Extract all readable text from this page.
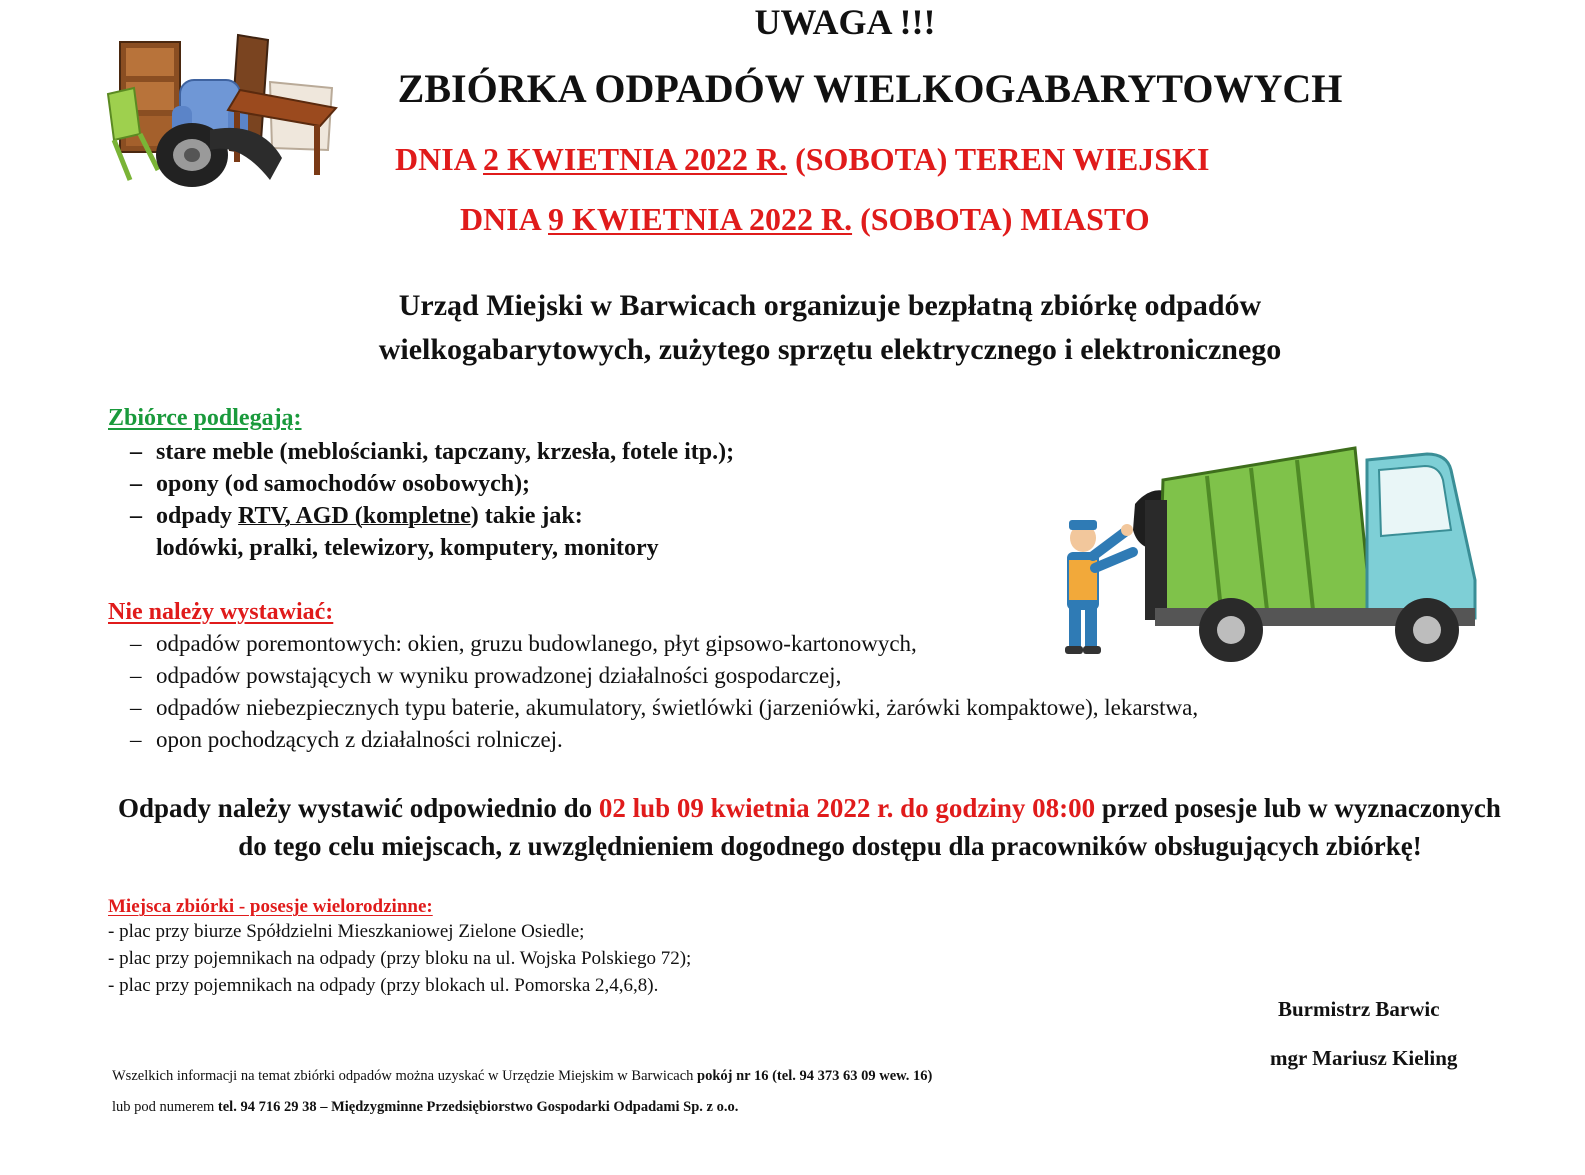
UWAGA !!!
ZBIÓRKA ODPADÓW WIELKOGABARYTOWYCH
DNIA 2 KWIETNIA 2022 R. (SOBOTA) TEREN WIEJSKI
DNIA 9 KWIETNIA 2022 R. (SOBOTA) MIASTO
Urząd Miejski w Barwicach organizuje bezpłatną zbiórkę odpadów
wielkogabarytowych, zużytego sprzętu elektrycznego i elektronicznego
Zbiórce podlegają:
– stare meble (meblościanki, tapczany, krzesła, fotele itp.);
– opony (od samochodów osobowych);
– odpady RTV, AGD (kompletne) takie jak:
lodówki, pralki, telewizory, komputery, monitory
Nie należy wystawiać:
– odpadów poremontowych: okien, gruzu budowlanego, płyt gipsowo-kartonowych,
– odpadów powstających w wyniku prowadzonej działalności gospodarczej,
– odpadów niebezpiecznych typu baterie, akumulatory, świetlówki (jarzeniówki, żarówki kompaktowe), lekarstwa,
– opon pochodzących z działalności rolniczej.
Odpady należy wystawić odpowiednio do 02 lub 09 kwietnia 2022 r. do godziny 08:00 przed posesje lub w wyznaczonych
do tego celu miejscach, z uwzględnieniem dogodnego dostępu dla pracowników obsługujących zbiórkę!
Miejsca zbiórki - posesje wielorodzinne:
- plac przy biurze Spółdzielni Mieszkaniowej Zielone Osiedle;
- plac przy pojemnikach na odpady (przy bloku na ul. Wojska Polskiego 72);
- plac przy pojemnikach na odpady (przy blokach ul. Pomorska 2,4,6,8).
Burmistrz Barwic
mgr Mariusz Kieling
Wszelkich informacji na temat zbiórki odpadów można uzyskać w Urzędzie Miejskim w Barwicach pokój nr 16 (tel. 94 373 63 09 wew. 16)
lub pod numerem tel. 94 716 29 38 – Międzygminne Przedsiębiorstwo Gospodarki Odpadami Sp. z o.o.
